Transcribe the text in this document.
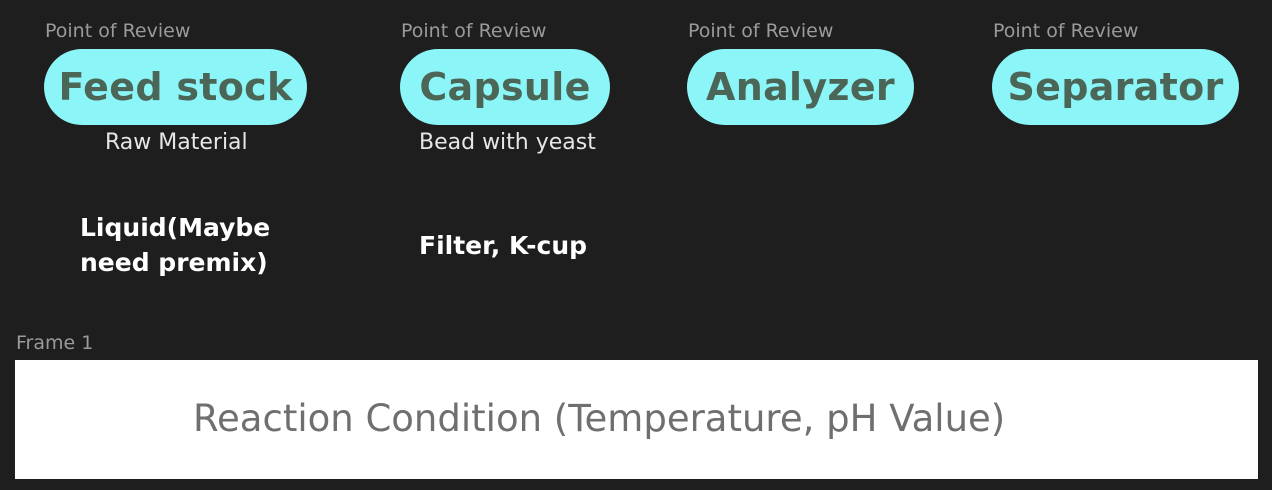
Point of Review
Feed stock
Raw Material
Liquid(Maybe
need premix)
Point of Review
Capsule
Bead with yeast
Filter, K-cup
Point of Review
Analyzer
Point of Review
Separator
Frame 1
Reaction Condition (Temperature, pH Value)
